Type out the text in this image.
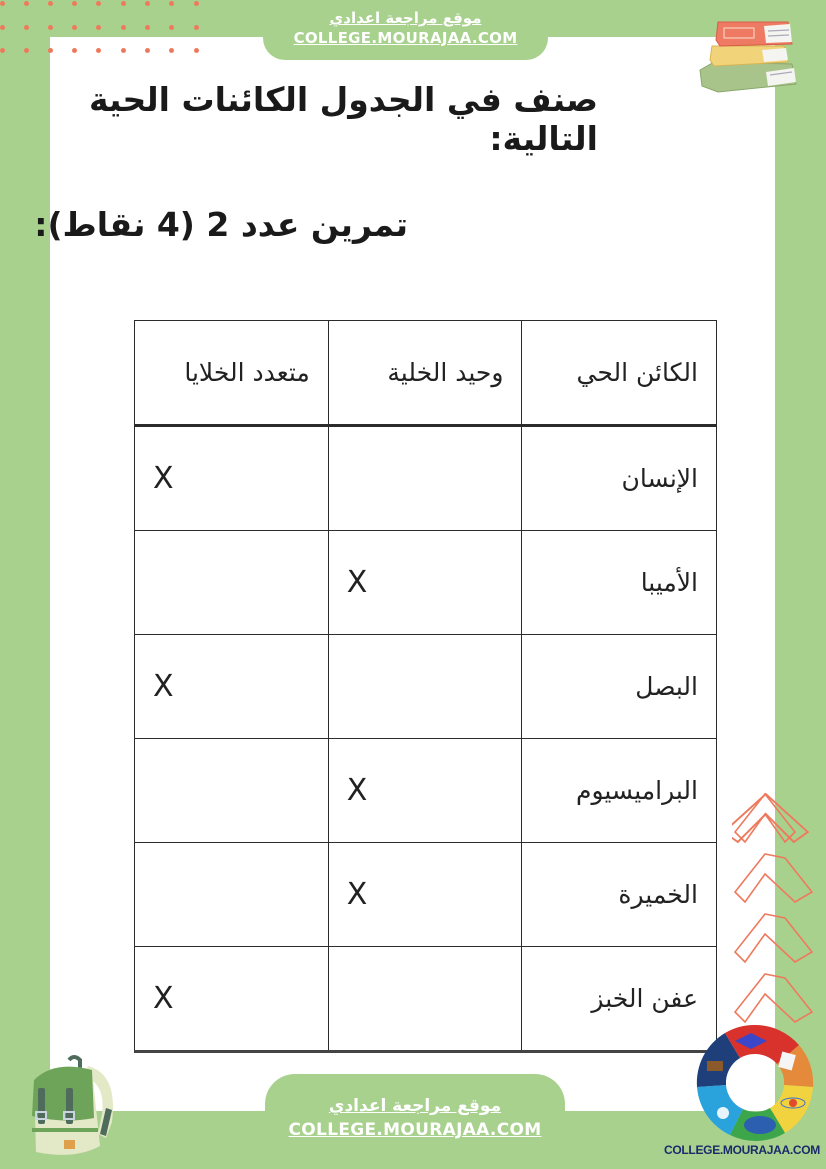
موقع مراجعة اعدادي
COLLEGE.MOURAJAA.COM
صنف في الجدول الكائنات الحية التالية:
تمرين عدد 2 (4 نقاط):
الكائن الحي	وحيد الخلية	متعدد الخلايا
الإنسان		X
الأميبا	X	
البصل		X
البراميسيوم	X	
الخميرة	X	
عفن الخبز		X
COLLEGE.MOURAJAA.COM
موقع مراجعة اعدادي
COLLEGE.MOURAJAA.COM
